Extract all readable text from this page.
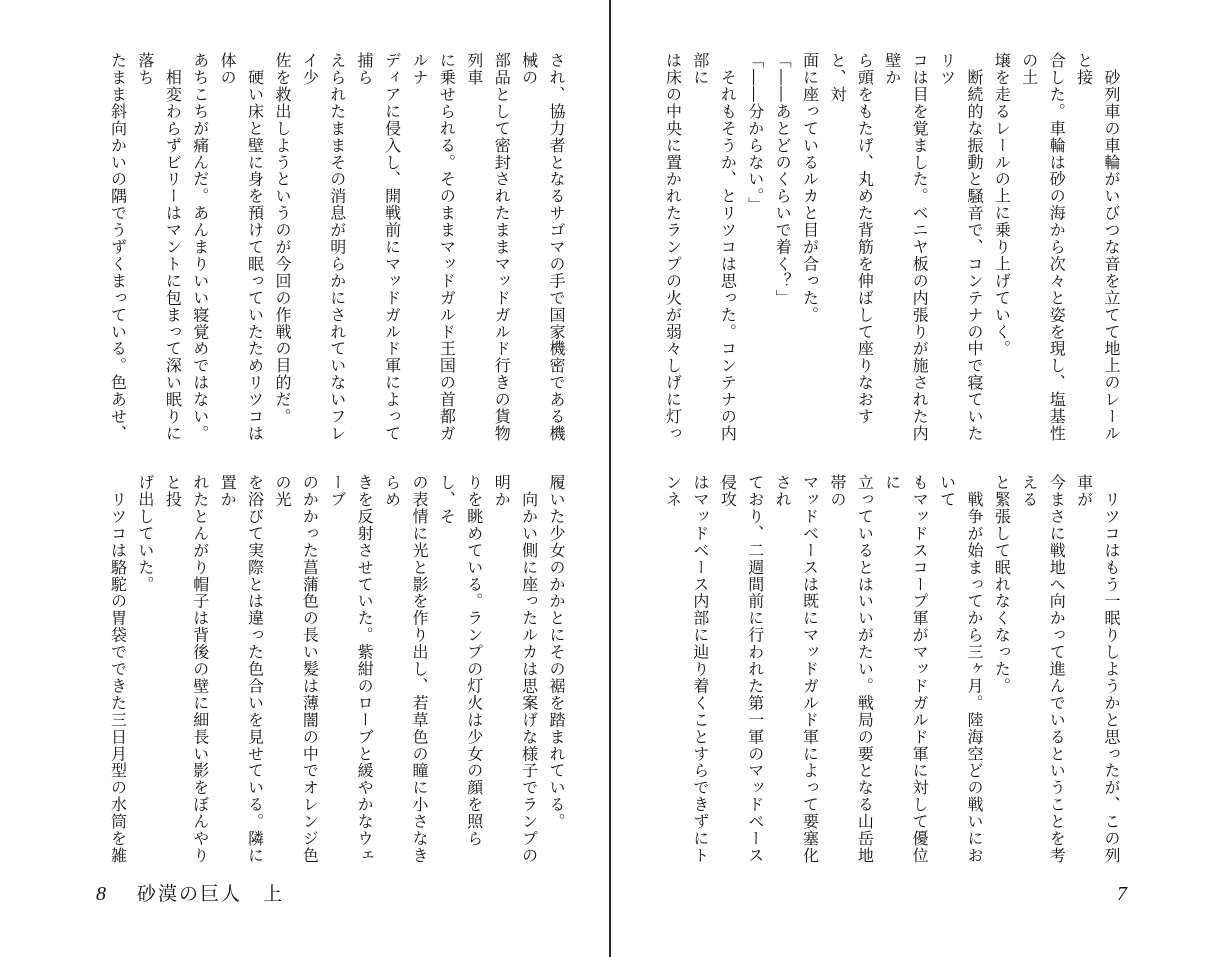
され、協力者となるサゴマの手で国家機密である機械の
部品として密封されたままマッドガルド行きの貨物列車
に乗せられる。そのままマッドガルド王国の首都ガルナ
ディアに侵入し、開戦前にマッドガルド軍によって捕ら
えられたままその消息が明らかにされていないフレイ少
佐を救出しようというのが今回の作戦の目的だ。
　硬い床と壁に身を預けて眠っていたためリツコは体の
あちこちが痛んだ。あんまりいい寝覚めではない。
　相変わらずビリーはマントに包まって深い眠りに落ち
たまま斜向かいの隅でうずくまっている。色あせ、

履いた少女のかかとにその裾を踏まれている。
　向かい側に座ったルカは思案げな様子でランプの明か
りを眺めている。ランプの灯火は少女の顔を照らし、そ
の表情に光と影を作り出し、若草色の瞳に小さなきらめ
きを反射させていた。紫紺のローブと緩やかなウェーブ
のかかった菖蒲色の長い髪は薄闇の中でオレンジ色の光
を浴びて実際とは違った色合いを見せている。隣に置か
れたとんがり帽子は背後の壁に細長い影をぼんやりと投
げ出していた。
　リツコは駱駝の胃袋でできた三日月型の水筒を雑

8 砂漠の巨人　上
　砂列車の車輪がいびつな音を立てて地上のレールと接
合した。車輪は砂の海から次々と姿を現し、塩基性の土
壌を走るレールの上に乗り上げていく。
　断続的な振動と騒音で、コンテナの中で寝ていたリツ
コは目を覚ました。ベニヤ板の内張りが施された内壁か
ら頭をもたげ、丸めた背筋を伸ばして座りなおすと、対
面に座っているルカと目が合った。
「――あとどのくらいで着く？」
「――分からない。」
　それもそうか、とリツコは思った。コンテナの内部に
は床の中央に置かれたランプの火が弱々しげに灯っ

　リツコはもう一眠りしようかと思ったが、この列車が
今まさに戦地へ向かって進んでいるということを考える
と緊張して眠れなくなった。
　戦争が始まってから三ヶ月。陸海空どの戦いにおいて
もマッドスコープ軍がマッドガルド軍に対して優位に
立っているとはいいがたい。戦局の要となる山岳地帯の
マッドベースは既にマッドガルド軍によって要塞化され
ており、二週間前に行われた第一軍のマッドベース侵攻
はマッドベース内部に辿り着くことすらできずにトンネ

7
